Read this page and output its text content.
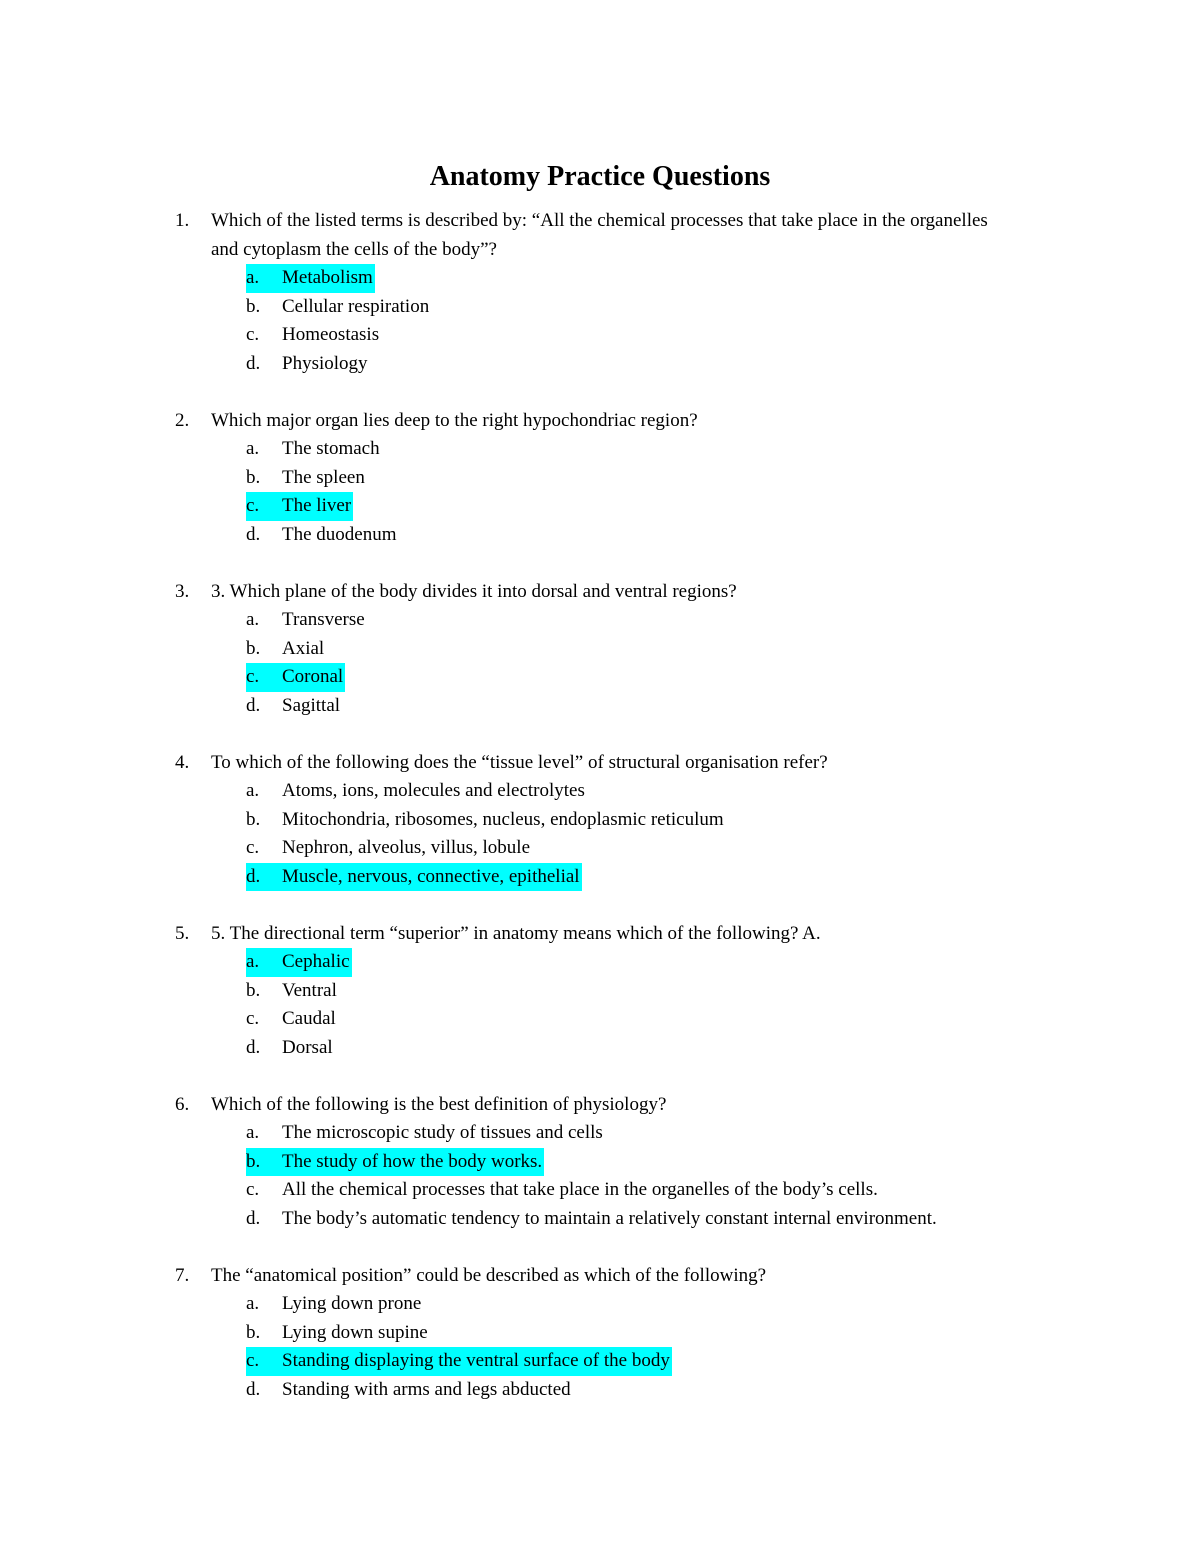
Anatomy Practice Questions
1. Which of the listed terms is described by: “All the chemical processes that take place in the organelles and cytoplasm the cells of the body”?
a. Metabolism
b. Cellular respiration
c. Homeostasis
d. Physiology
2. Which major organ lies deep to the right hypochondriac region?
a. The stomach
b. The spleen
c. The liver
d. The duodenum
3. 3. Which plane of the body divides it into dorsal and ventral regions?
a. Transverse
b. Axial
c. Coronal
d. Sagittal
4. To which of the following does the “tissue level” of structural organisation refer?
a. Atoms, ions, molecules and electrolytes
b. Mitochondria, ribosomes, nucleus, endoplasmic reticulum
c. Nephron, alveolus, villus, lobule
d. Muscle, nervous, connective, epithelial
5. 5. The directional term “superior” in anatomy means which of the following? A.
a. Cephalic
b. Ventral
c. Caudal
d. Dorsal
6. Which of the following is the best definition of physiology?
a. The microscopic study of tissues and cells
b. The study of how the body works.
c. All the chemical processes that take place in the organelles of the body’s cells.
d. The body’s automatic tendency to maintain a relatively constant internal environment.
7. The “anatomical position” could be described as which of the following?
a. Lying down prone
b. Lying down supine
c. Standing displaying the ventral surface of the body
d. Standing with arms and legs abducted
